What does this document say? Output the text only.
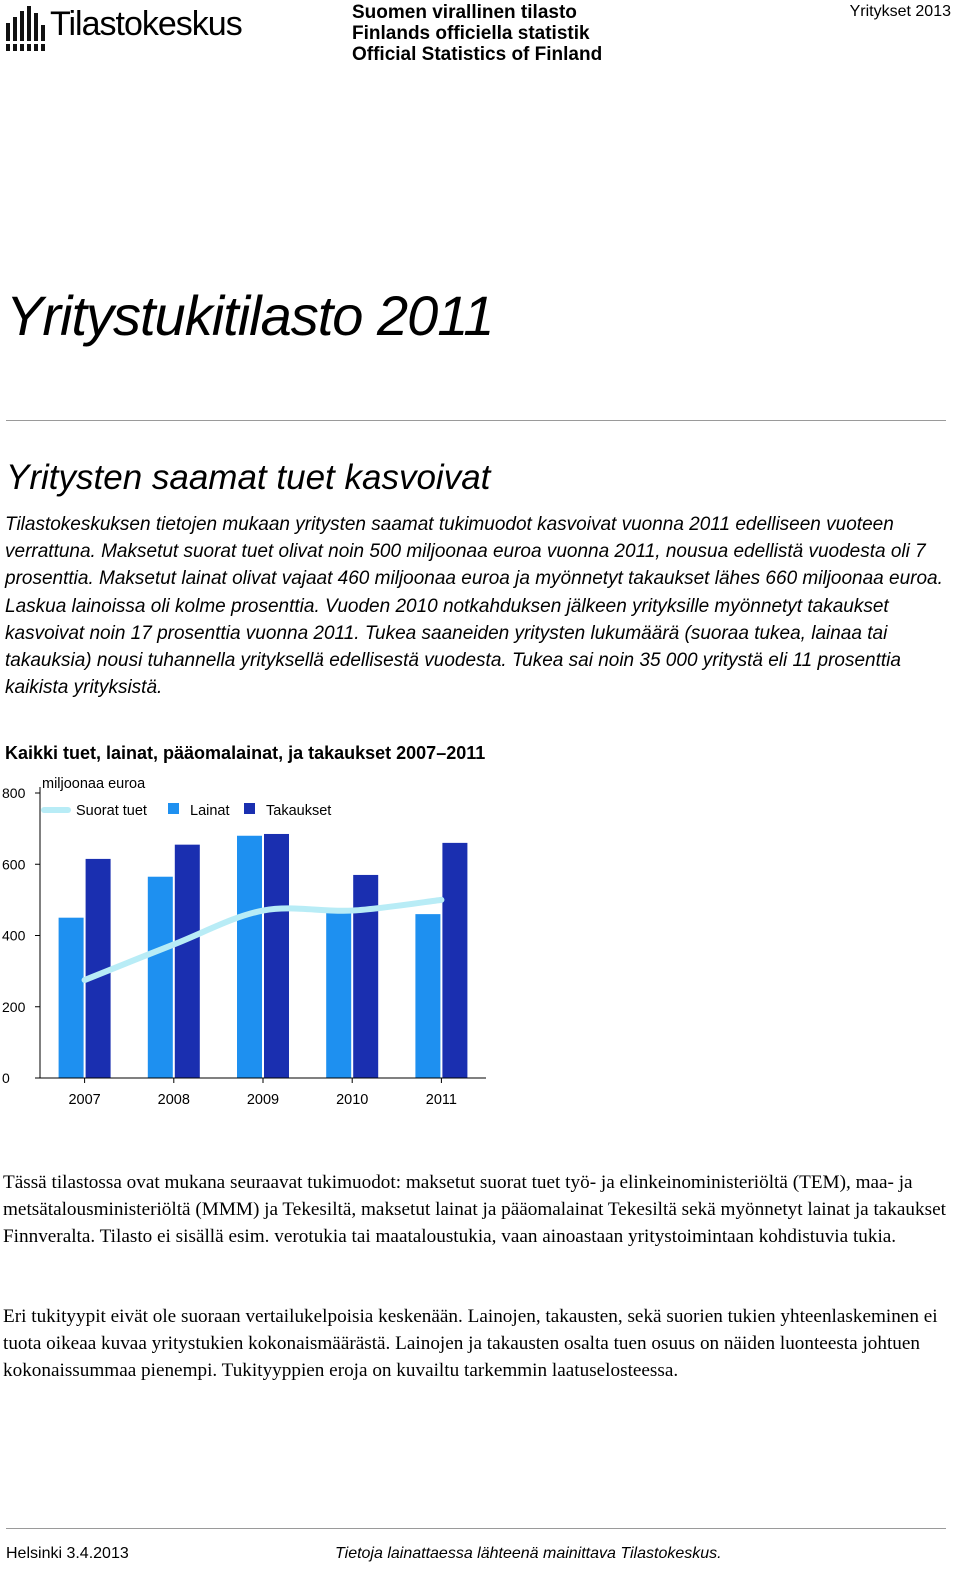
Tilastokeskus	Suomen virallinen tilasto
Finlands officiella statistik
Official Statistics of Finland
Yritykset 2013
Yritystukitilasto 2011
Yritysten saamat tuet kasvoivat
Tilastokeskuksen tietojen mukaan yritysten saamat tukimuodot kasvoivat vuonna 2011 edelliseen vuoteen verrattuna. Maksetut suorat tuet olivat noin 500 miljoonaa euroa vuonna 2011, nousua edellistä vuodesta oli 7 prosenttia. Maksetut lainat olivat vajaat 460 miljoonaa euroa ja myönnetyt takaukset lähes 660 miljoonaa euroa. Laskua lainoissa oli kolme prosenttia. Vuoden 2010 notkahduksen jälkeen yrityksille myönnetyt takaukset kasvoivat noin 17 prosenttia vuonna 2011. Tukea saaneiden yritysten lukumäärä (suoraa tukea, lainaa tai takauksia) nousi tuhannella yrityksellä edellisestä vuodesta. Tukea sai noin 35 000 yritystä eli 11 prosenttia kaikista yrityksistä.
Kaikki tuet, lainat, pääomalainat, ja takaukset 2007–2011
0
200
400
600
800
miljoonaa euroa
2007	2008	2009	2010	2011
Suorat tuet	Lainat	Takaukset
Tässä tilastossa ovat mukana seuraavat tukimuodot: maksetut suorat tuet työ- ja elinkeinoministeriöltä (TEM), maa- ja metsätalousministeriöltä (MMM) ja Tekesiltä, maksetut lainat ja pääomalainat Tekesiltä sekä myönnetyt lainat ja takaukset Finnveralta. Tilasto ei sisällä esim. verotukia tai maataloustukia, vaan ainoastaan yritystoimintaan kohdistuvia tukia.
Eri tukityypit eivät ole suoraan vertailukelpoisia keskenään. Lainojen, takausten, sekä suorien tukien yhteenlaskeminen ei tuota oikeaa kuvaa yritystukien kokonaismäärästä. Lainojen ja takausten osalta tuen osuus on näiden luonteesta johtuen kokonaissummaa pienempi. Tukityyppien eroja on kuvailtu tarkemmin laatuselosteessa.
Helsinki 3.4.2013	Tietoja lainattaessa lähteenä mainittava Tilastokeskus.
